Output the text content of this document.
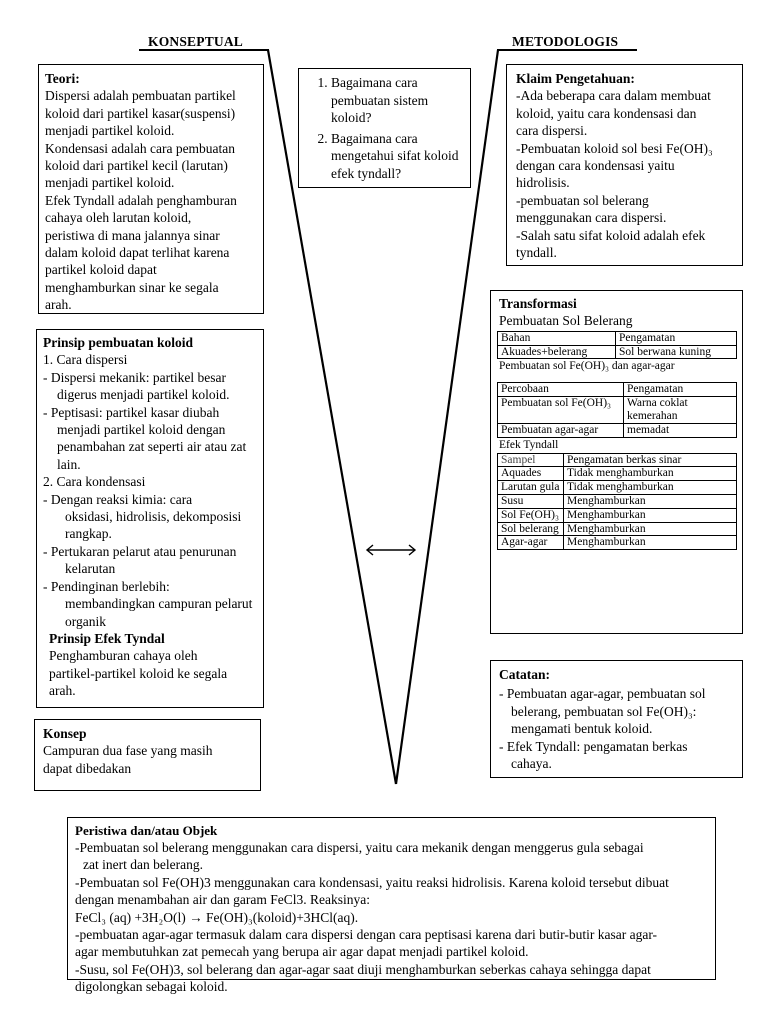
KONSEPTUAL	METODOLOGIS

Teori:

Dispersi adalah pembuatan partikel

koloid dari partikel kasar(suspensi)

menjadi partikel koloid.

Kondensasi adalah cara pembuatan

koloid dari partikel kecil (larutan)

menjadi partikel koloid.

Efek Tyndall adalah penghamburan

cahaya oleh larutan koloid,

peristiwa di mana jalannya sinar

dalam koloid dapat terlihat karena

partikel koloid dapat

menghamburkan sinar ke segala

arah.

1. Bagaimana cara pembuatan sistem koloid?
2. Bagaimana cara mengetahui sifat koloid efek tyndall?

Klaim Pengetahuan:

-Ada beberapa cara dalam membuat

koloid, yaitu cara kondensasi dan

cara dispersi.

-Pembuatan koloid sol besi Fe(OH)₃

dengan cara kondensasi yaitu

hidrolisis.

-pembuatan sol belerang

menggunakan cara dispersi.

-Salah satu sifat koloid adalah efek

tyndall.

Prinsip pembuatan koloid

1. Cara dispersi

- Dispersi mekanik: partikel besar

digerus menjadi partikel koloid.

- Peptisasi: partikel kasar diubah

menjadi partikel koloid dengan

penambahan zat seperti air atau zat

lain.

2. Cara kondensasi

- Dengan reaksi kimia: cara

oksidasi, hidrolisis, dekomposisi

rangkap.

- Pertukaran pelarut atau penurunan

kelarutan

- Pendinginan berlebih:

membandingkan campuran pelarut

organik

Prinsip Efek Tyndal

Penghamburan cahaya oleh

partikel-partikel koloid ke segala

arah.

Konsep

Campuran dua fase yang masih

dapat dibedakan

Transformasi

Pembuatan Sol Belerang

Bahan	Pengamatan
Akuades+belerang	Sol berwana kuning

Pembuatan sol Fe(OH)₃ dan agar-agar

Percobaan	Pengamatan
Pembuatan sol Fe(OH)₃	Warna coklat kemerahan
Pembuatan agar-agar	memadat

Efek Tyndall

Sampel	Pengamatan berkas sinar
Aquades	Tidak menghamburkan
Larutan gula	Tidak menghamburkan
Susu	Menghamburkan
Sol Fe(OH)₃	Menghamburkan
Sol belerang	Menghamburkan
Agar-agar	Menghamburkan

Catatan:

- Pembuatan agar-agar, pembuatan sol

belerang, pembuatan sol Fe(OH)₃:

mengamati bentuk koloid.

- Efek Tyndall: pengamatan berkas

cahaya.

Peristiwa dan/atau Objek

-Pembuatan sol belerang menggunakan cara dispersi, yaitu cara mekanik dengan menggerus gula sebagai

zat inert dan belerang.

-Pembuatan sol Fe(OH)3 menggunakan cara kondensasi, yaitu reaksi hidrolisis. Karena koloid tersebut dibuat

dengan menambahan air dan garam FeCl3. Reaksinya:

FeCl₃ (aq) +3H₂O(l) → Fe(OH)₃(koloid)+3HCl(aq).

-pembuatan agar-agar termasuk dalam cara dispersi dengan cara peptisasi karena dari butir-butir kasar agar-

agar membutuhkan zat pemecah yang berupa air agar dapat menjadi partikel koloid.

-Susu, sol Fe(OH)3, sol belerang dan agar-agar saat diuji menghamburkan seberkas cahaya sehingga dapat

digolongkan sebagai koloid.
